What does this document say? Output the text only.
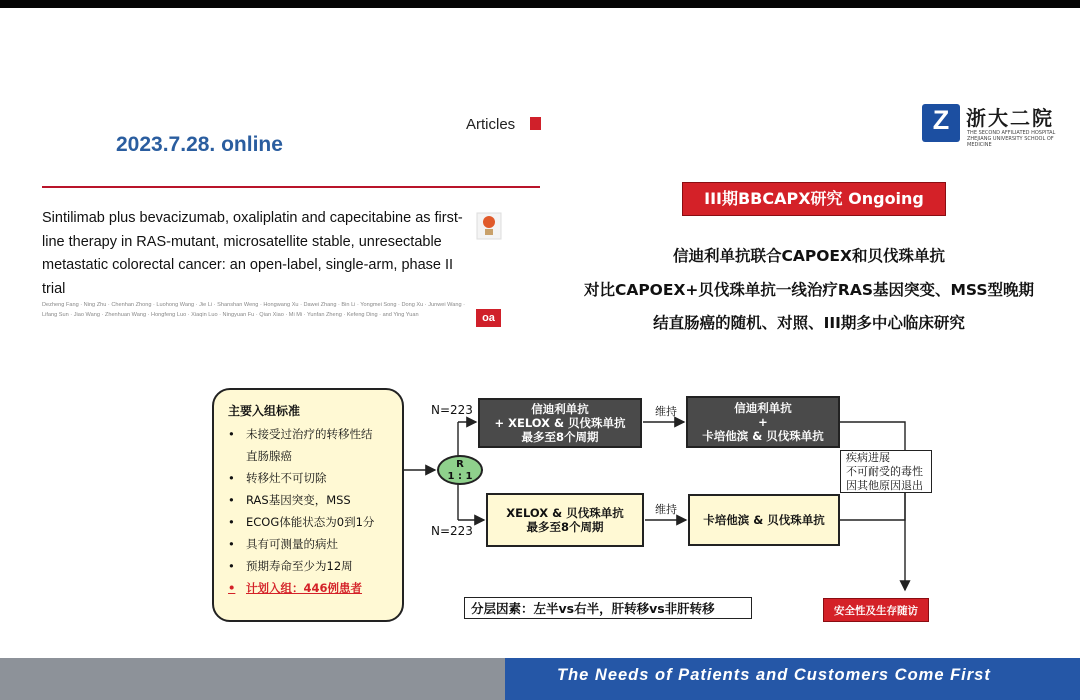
2023.7.28. online
Articles
Sintilimab plus bevacizumab, oxaliplatin and capecitabine as first-line therapy in RAS-mutant, microsatellite stable, unresectable metastatic colorectal cancer: an open-label, single-arm, phase II trial
Dezheng Fang · Ning Zhu · Chenhan Zhong · Luohong Wang · Jie Li · Shanshan Weng · Hongwang Xu · Dawei Zhang · Bin Li · Yongmei Song · Dong Xu · Junwei Wang · Lifang Sun · Jiao Wang · Zhenhuan Wang · Hongfeng Luo · Xiaqin Luo · Ningyuan Fu · Qian Xiao · Mi Mi · Yunfan Zheng · Kefeng Ding · and Ying Yuan	oa
Z 浙大二院
THE SECOND AFFILIATED HOSPITAL ZHEJIANG UNIVERSITY SCHOOL OF MEDICINE
III期BBCAPX研究 Ongoing
信迪利单抗联合CAPOEX和贝伐珠单抗
对比CAPOEX+贝伐珠单抗一线治疗RAS基因突变、MSS型晚期
结直肠癌的随机、对照、III期多中心临床研究
主要入组标准
• 未接受过治疗的转移性结
直肠腺癌
• 转移灶不可切除
• RAS基因突变，MSS
• ECOG体能状态为0到1分
• 具有可测量的病灶
• 预期寿命至少为12周
• 计划入组：446例患者
R
1 : 1
N=223
N=223
信迪利单抗
+ XELOX & 贝伐珠单抗
最多至8个周期
维持	信迪利单抗
+
卡培他滨 & 贝伐珠单抗
XELOX & 贝伐珠单抗
最多至8个周期
维持
卡培他滨 & 贝伐珠单抗
疾病进展
不可耐受的毒性
因其他原因退出
分层因素：左半vs右半，肝转移vs非肝转移	安全性及生存随访
The Needs of Patients and Customers Come First
